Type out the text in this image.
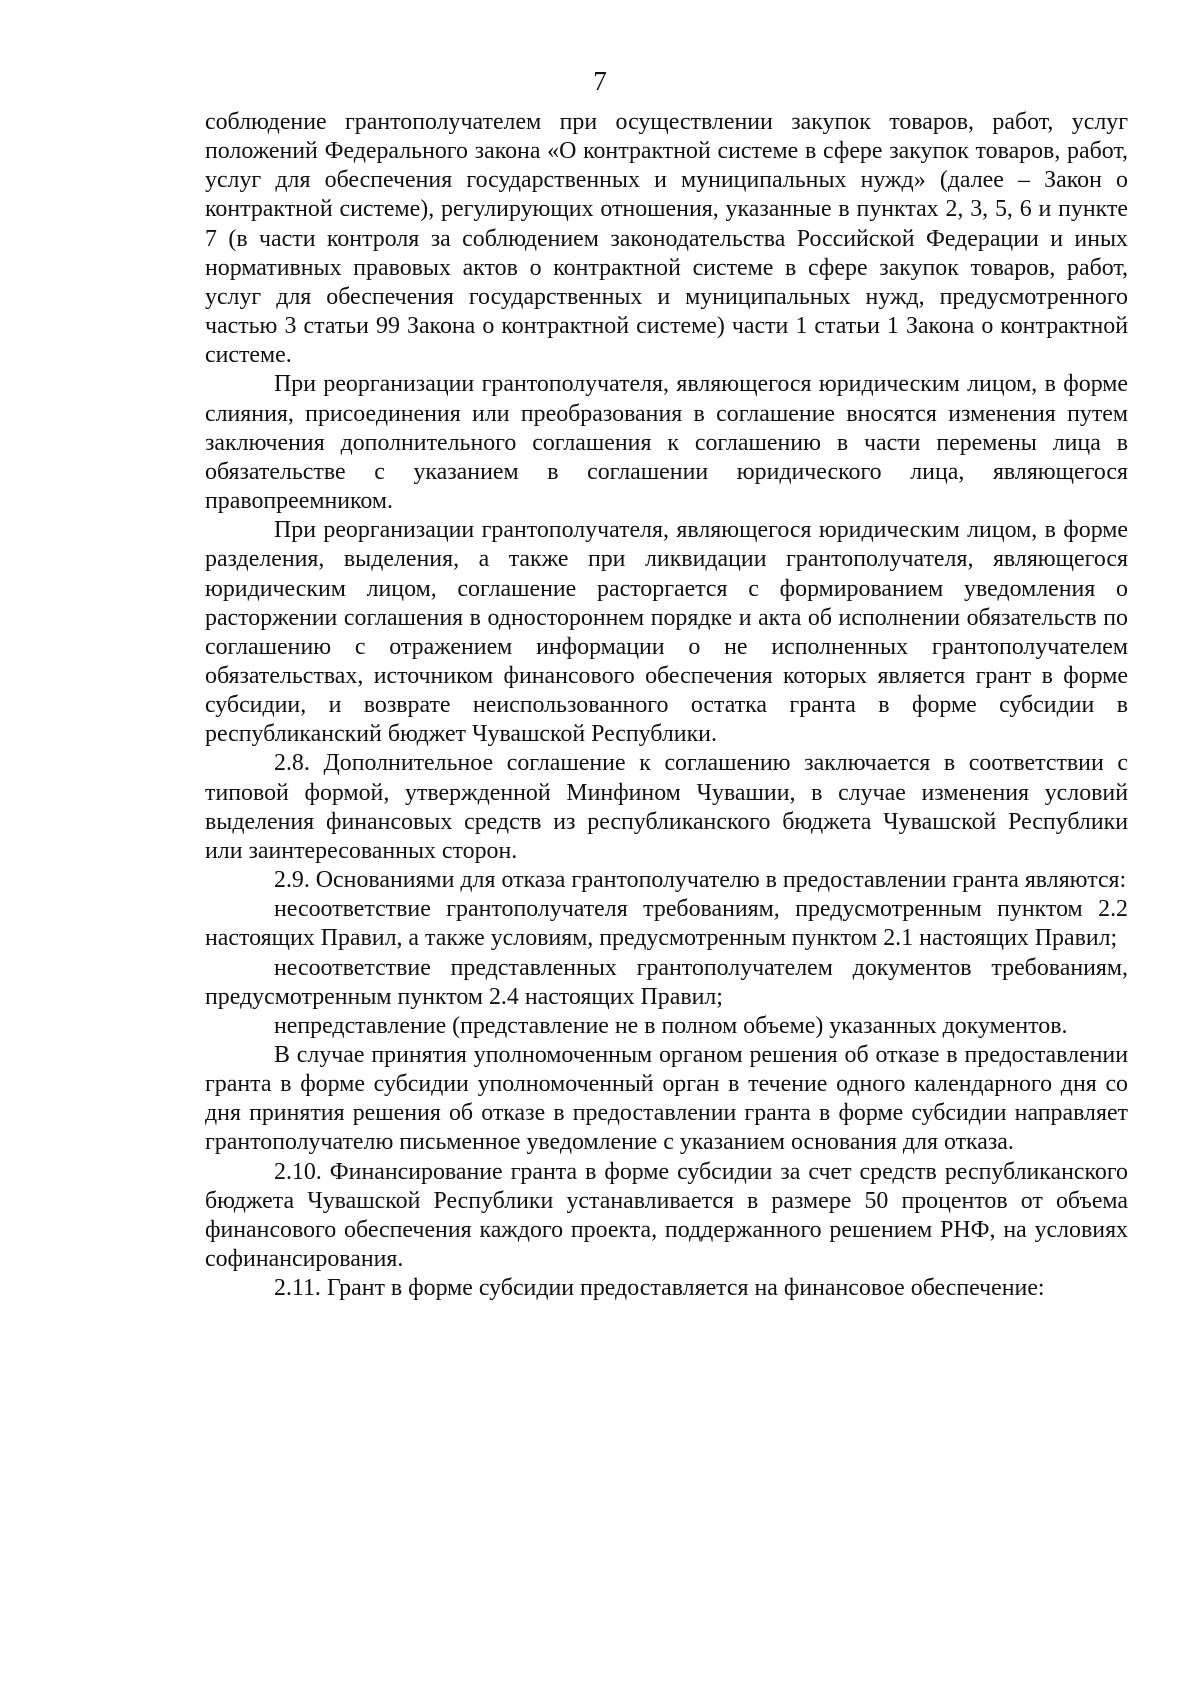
7

соблюдение грантополучателем при осуществлении закупок товаров, работ, услуг положений Федерального закона «О контрактной системе в сфере закупок товаров, работ, услуг для обеспечения государственных и муниципальных нужд» (далее – Закон о контрактной системе), регулирующих отношения, указанные в пунктах 2, 3, 5, 6 и пункте 7 (в части контроля за соблюдением законодательства Российской Федерации и иных нормативных правовых актов о контрактной системе в сфере закупок товаров, работ, услуг для обеспечения государственных и муниципальных нужд, предусмотренного частью 3 статьи 99 Закона о контрактной системе) части 1 статьи 1 Закона о контрактной системе.

При реорганизации грантополучателя, являющегося юридическим лицом, в форме слияния, присоединения или преобразования в соглашение вносятся изменения путем заключения дополнительного соглашения к соглашению в части перемены лица в обязательстве с указанием в соглашении юридического лица, являющегося правопреемником.

При реорганизации грантополучателя, являющегося юридическим лицом, в форме разделения, выделения, а также при ликвидации грантополучателя, являющегося юридическим лицом, соглашение расторгается с формированием уведомления о расторжении соглашения в одностороннем порядке и акта об исполнении обязательств по соглашению с отражением информации о не исполненных грантополучателем обязательствах, источником финансового обеспечения которых является грант в форме субсидии, и возврате неиспользованного остатка гранта в форме субсидии в республиканский бюджет Чувашской Республики.

2.8. Дополнительное соглашение к соглашению заключается в соответствии с типовой формой, утвержденной Минфином Чувашии, в случае изменения условий выделения финансовых средств из республиканского бюджета Чувашской Республики или заинтересованных сторон.

2.9. Основаниями для отказа грантополучателю в предоставлении гранта являются:

несоответствие грантополучателя требованиям, предусмотренным пунктом 2.2 настоящих Правил, а также условиям, предусмотренным пунктом 2.1 настоящих Правил;

несоответствие представленных грантополучателем документов требованиям, предусмотренным пунктом 2.4 настоящих Правил;

непредставление (представление не в полном объеме) указанных документов.

В случае принятия уполномоченным органом решения об отказе в предоставлении гранта в форме субсидии уполномоченный орган в течение одного календарного дня со дня принятия решения об отказе в предоставлении гранта в форме субсидии направляет грантополучателю письменное уведомление с указанием основания для отказа.

2.10. Финансирование гранта в форме субсидии за счет средств республиканского бюджета Чувашской Республики устанавливается в размере 50 процентов от объема финансового обеспечения каждого проекта, поддержанного решением РНФ, на условиях софинансирования.

2.11. Грант в форме субсидии предоставляется на финансовое обеспечение:
